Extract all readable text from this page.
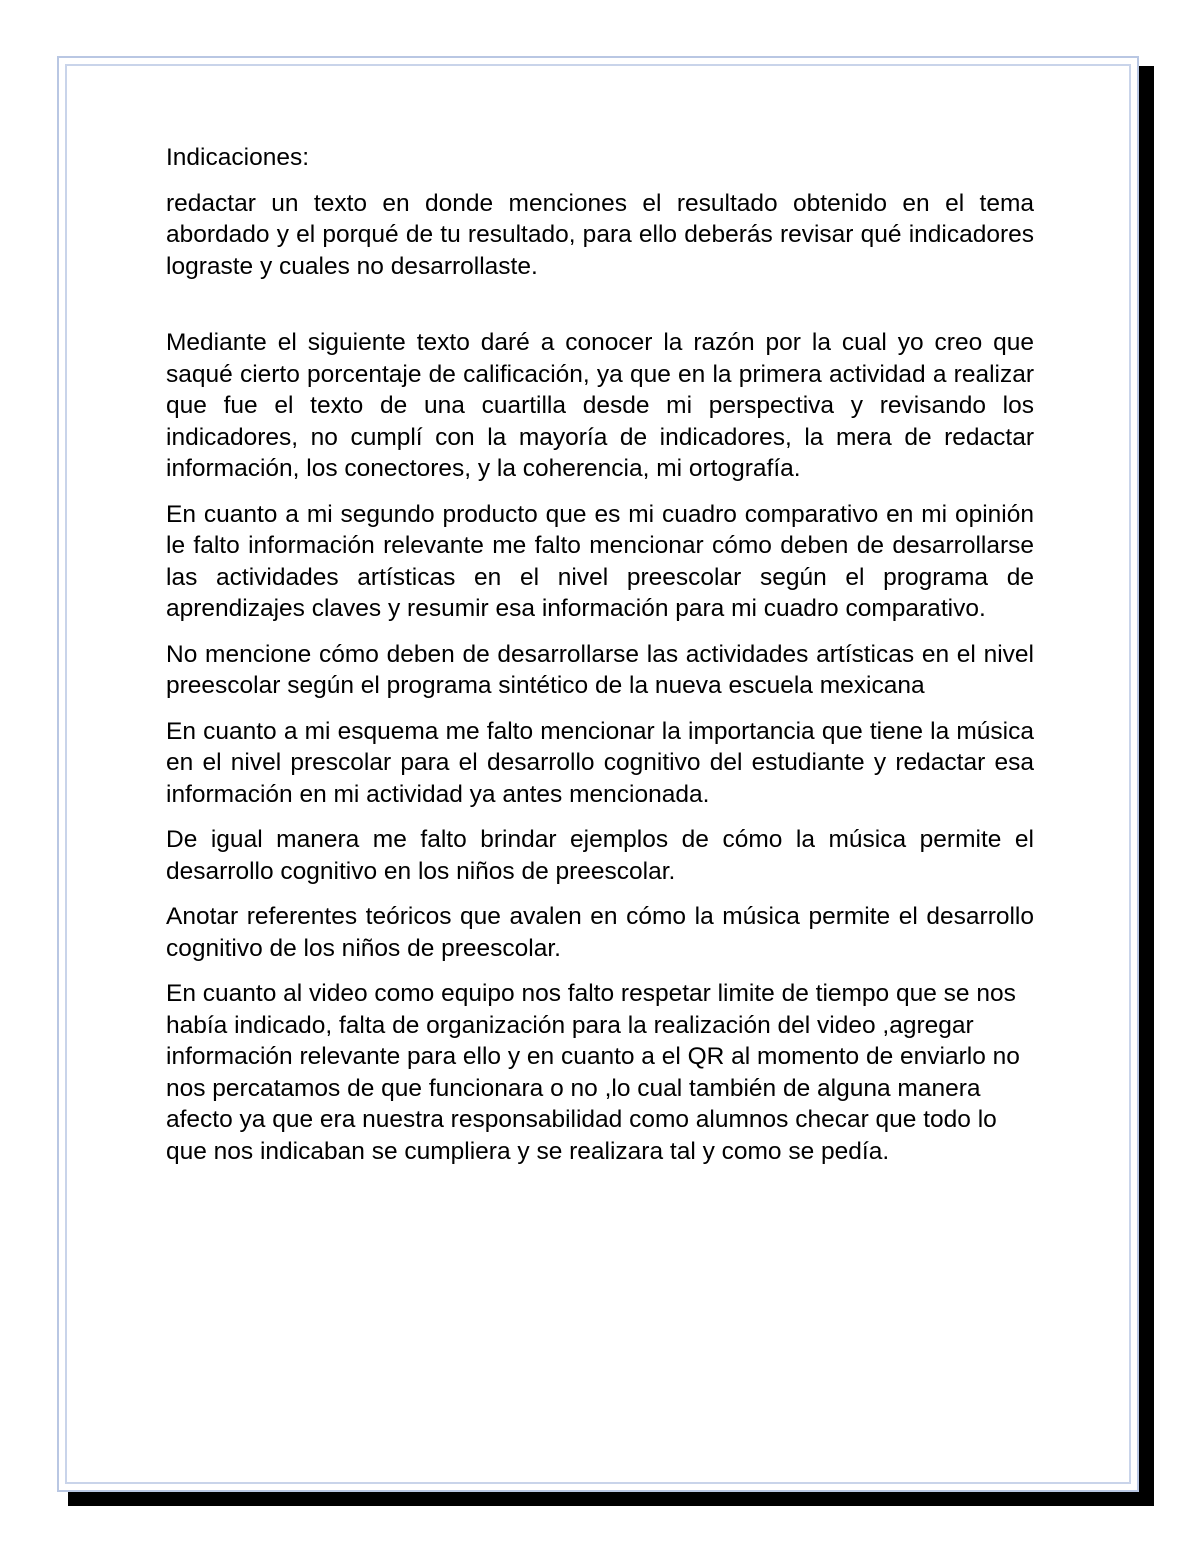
Indicaciones:

redactar un texto en donde menciones el resultado obtenido en el tema abordado y el porqué de tu resultado, para ello deberás revisar qué indicadores lograste y cuales no desarrollaste.

Mediante el siguiente texto daré a conocer la razón por la cual yo creo que saqué cierto porcentaje de calificación, ya que en la primera actividad a realizar que fue el texto de una cuartilla desde mi perspectiva y revisando los indicadores, no cumplí con la mayoría de indicadores, la mera de redactar información, los conectores, y la coherencia, mi ortografía.

En cuanto a mi segundo producto que es mi cuadro comparativo en mi opinión le falto información relevante me falto mencionar cómo deben de desarrollarse las actividades artísticas en el nivel preescolar según el programa de aprendizajes claves y resumir esa información para mi cuadro comparativo.

No mencione cómo deben de desarrollarse las actividades artísticas en el nivel preescolar según el programa sintético de la nueva escuela mexicana

En cuanto a mi esquema me falto mencionar la importancia que tiene la música en el nivel prescolar para el desarrollo cognitivo del estudiante y redactar esa información en mi actividad ya antes mencionada.

De igual manera me falto brindar ejemplos de cómo la música permite el desarrollo cognitivo en los niños de preescolar.

Anotar referentes teóricos que avalen en cómo la música permite el desarrollo cognitivo de los niños de preescolar.

En cuanto al video como equipo nos falto respetar limite de tiempo que se nos había indicado, falta de organización para la realización del video ,agregar información relevante para ello y en cuanto a el QR al momento de enviarlo no nos percatamos de que funcionara o no ,lo cual también de alguna manera afecto ya que era nuestra responsabilidad como alumnos checar que todo lo que nos indicaban se cumpliera y se realizara tal y como se pedía.
